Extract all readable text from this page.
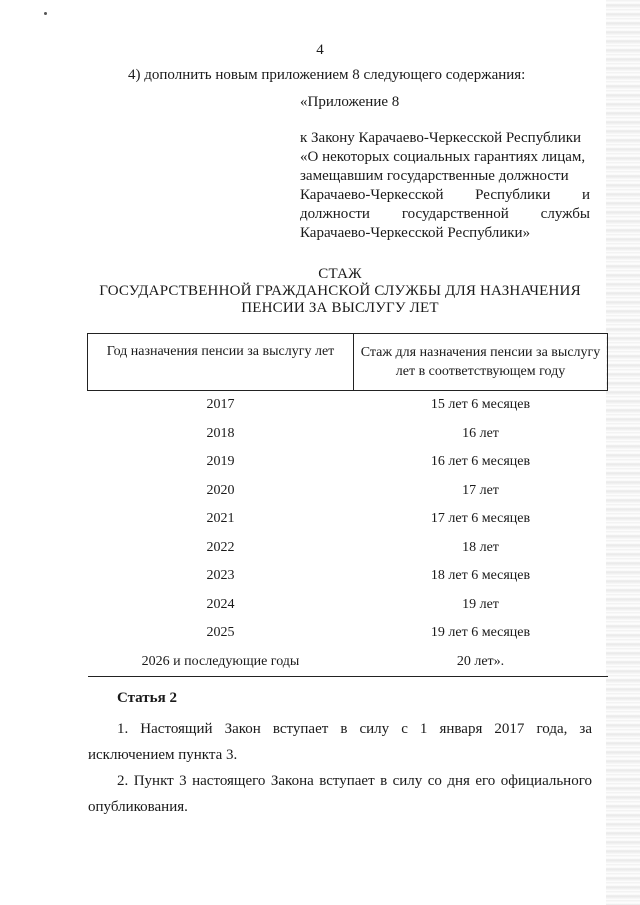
4
4) дополнить новым приложением 8 следующего содержания:
«Приложение 8
к Закону Карачаево-Черкесской Республики
«О некоторых социальных гарантиях лицам,
замещавшим государственные должности
Карачаево-Черкесской Республики и
должности государственной службы
Карачаево-Черкесской Республики»
СТАЖ
ГОСУДАРСТВЕННОЙ ГРАЖДАНСКОЙ СЛУЖБЫ ДЛЯ НАЗНАЧЕНИЯ
ПЕНСИИ ЗА ВЫСЛУГУ ЛЕТ
Год назначения пенсии за выслугу лет	Стаж для назначения пенсии за выслугу лет в соответствующем году
2017	15 лет 6 месяцев
2018	16 лет
2019	16 лет 6 месяцев
2020	17 лет
2021	17 лет 6 месяцев
2022	18 лет
2023	18 лет 6 месяцев
2024	19 лет
2025	19 лет 6 месяцев
2026 и последующие годы	20 лет».
Статья 2
1. Настоящий Закон вступает в силу с 1 января 2017 года, за
исключением пункта 3.
2. Пункт 3 настоящего Закона вступает в силу со дня его официального
опубликования.
